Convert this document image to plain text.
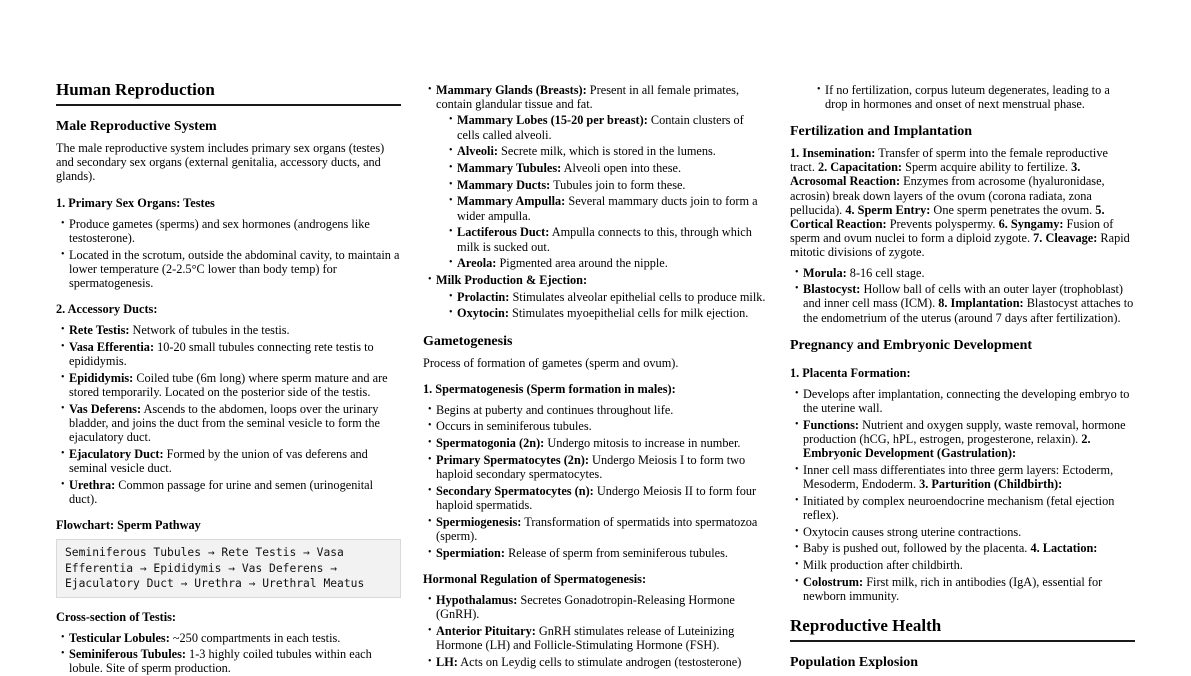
Human Reproduction
Male Reproductive System

The male reproductive system includes primary sex organs (testes) and secondary sex organs (external genitalia, accessory ducts, and glands).

1. Primary Sex Organs: Testes
• Produce gametes (sperms) and sex hormones (androgens like testosterone).
• Located in the scrotum, outside the abdominal cavity, to maintain a lower temperature (2-2.5°C lower than body temp) for spermatogenesis.
2. Accessory Ducts:
• Rete Testis: Network of tubules in the testis.
• Vasa Efferentia: 10-20 small tubules connecting rete testis to epididymis.
• Epididymis: Coiled tube (6m long) where sperm mature and are stored temporarily. Located on the posterior side of the testis.
• Vas Deferens: Ascends to the abdomen, loops over the urinary bladder, and joins the duct from the seminal vesicle to form the ejaculatory duct.
• Ejaculatory Duct: Formed by the union of vas deferens and seminal vesicle duct.
• Urethra: Common passage for urine and semen (urinogenital duct).
Flowchart: Sperm Pathway
Seminiferous Tubules → Rete Testis → Vasa Efferentia → Epididymis → Vas Deferens → Ejaculatory Duct → Urethra → Urethral Meatus
Cross-section of Testis:
• Testicular Lobules: ~250 compartments in each testis.
• Seminiferous Tubules: 1-3 highly coiled tubules within each lobule. Site of sperm production.
• Mammary Glands (Breasts): Present in all female primates, contain glandular tissue and fat.
• Mammary Lobes (15-20 per breast): Contain clusters of cells called alveoli.
• Alveoli: Secrete milk, which is stored in the lumens.
• Mammary Tubules: Alveoli open into these.
• Mammary Ducts: Tubules join to form these.
• Mammary Ampulla: Several mammary ducts join to form a wider ampulla.
• Lactiferous Duct: Ampulla connects to this, through which milk is sucked out.
• Areola: Pigmented area around the nipple.
• Milk Production & Ejection:
• Prolactin: Stimulates alveolar epithelial cells to produce milk.
• Oxytocin: Stimulates myoepithelial cells for milk ejection.
Gametogenesis

Process of formation of gametes (sperm and ovum).

1. Spermatogenesis (Sperm formation in males):
• Begins at puberty and continues throughout life.
• Occurs in seminiferous tubules.
• Spermatogonia (2n): Undergo mitosis to increase in number.
• Primary Spermatocytes (2n): Undergo Meiosis I to form two haploid secondary spermatocytes.
• Secondary Spermatocytes (n): Undergo Meiosis II to form four haploid spermatids.
• Spermiogenesis: Transformation of spermatids into spermatozoa (sperm).
• Spermiation: Release of sperm from seminiferous tubules.
Hormonal Regulation of Spermatogenesis:
• Hypothalamus: Secretes Gonadotropin-Releasing Hormone (GnRH).
• Anterior Pituitary: GnRH stimulates release of Luteinizing Hormone (LH) and Follicle-Stimulating Hormone (FSH).
• LH: Acts on Leydig cells to stimulate androgen (testosterone)
• If no fertilization, corpus luteum degenerates, leading to a drop in hormones and onset of next menstrual phase.
Fertilization and Implantation

1. Insemination: Transfer of sperm into the female reproductive tract. 2. Capacitation: Sperm acquire ability to fertilize. 3. Acrosomal Reaction: Enzymes from acrosome (hyaluronidase, acrosin) break down layers of the ovum (corona radiata, zona pellucida). 4. Sperm Entry: One sperm penetrates the ovum. 5. Cortical Reaction: Prevents polyspermy. 6. Syngamy: Fusion of sperm and ovum nuclei to form a diploid zygote. 7. Cleavage: Rapid mitotic divisions of zygote.

• Morula: 8-16 cell stage.
• Blastocyst: Hollow ball of cells with an outer layer (trophoblast) and inner cell mass (ICM). 8. Implantation: Blastocyst attaches to the endometrium of the uterus (around 7 days after fertilization).
Pregnancy and Embryonic Development
1. Placenta Formation:
• Develops after implantation, connecting the developing embryo to the uterine wall.
• Functions: Nutrient and oxygen supply, waste removal, hormone production (hCG, hPL, estrogen, progesterone, relaxin). 2. Embryonic Development (Gastrulation):
• Inner cell mass differentiates into three germ layers: Ectoderm, Mesoderm, Endoderm. 3. Parturition (Childbirth):
• Initiated by complex neuroendocrine mechanism (fetal ejection reflex).
• Oxytocin causes strong uterine contractions.
• Baby is pushed out, followed by the placenta. 4. Lactation:
• Milk production after childbirth.
• Colostrum: First milk, rich in antibodies (IgA), essential for newborn immunity.
Reproductive Health
Population Explosion
